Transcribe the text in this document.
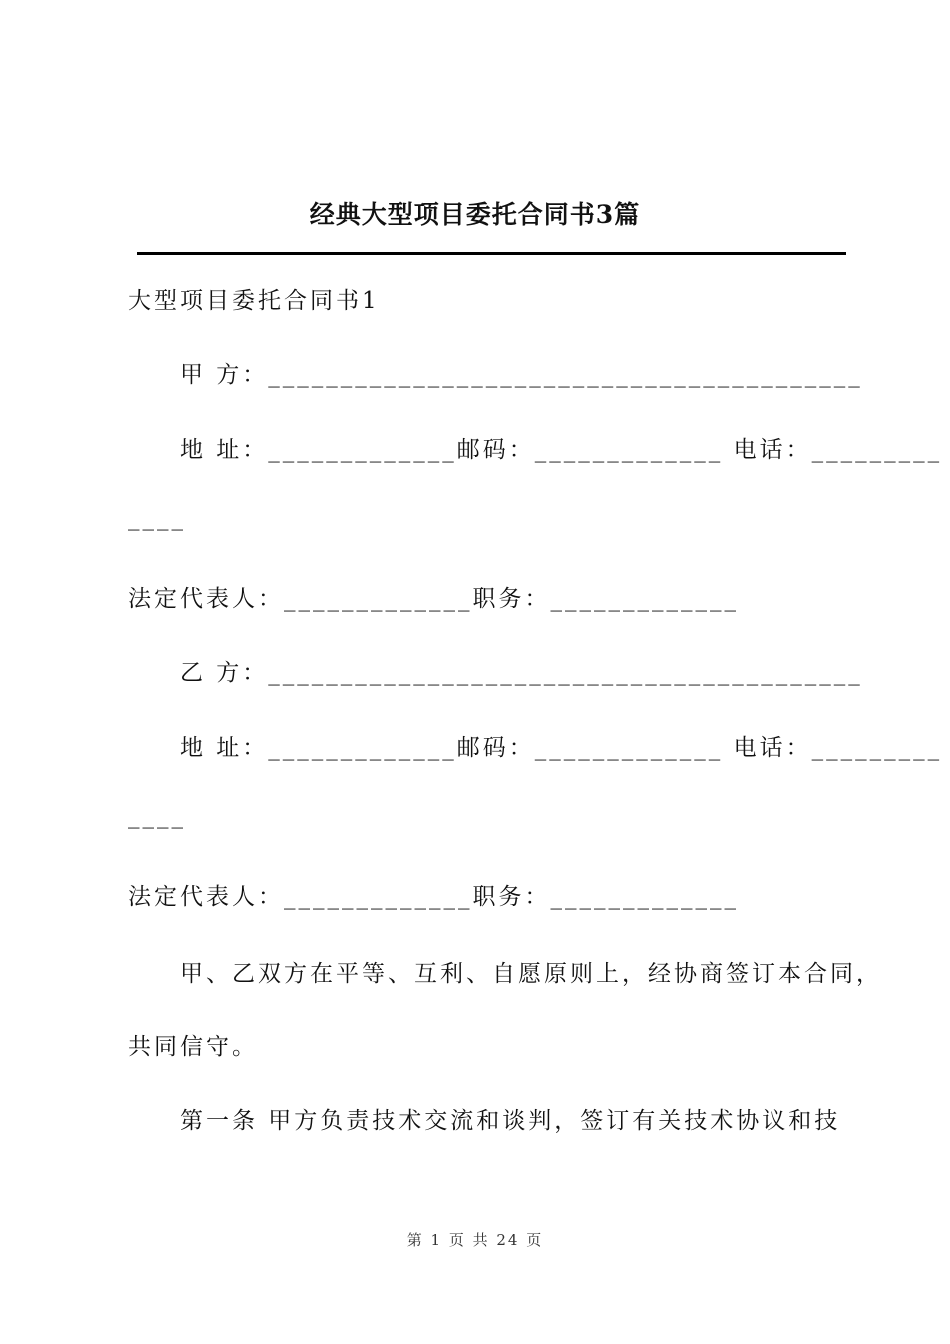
经典大型项目委托合同书3篇
大型项目委托合同书1
甲 方：_________________________________________
地 址：_____________邮码：_____________ 电话：_________
____
法定代表人：_____________职务：_____________
乙 方：_________________________________________
地 址：_____________邮码：_____________ 电话：_________
____
法定代表人：_____________职务：_____________
甲、乙双方在平等、互利、自愿原则上，经协商签订本合同，
共同信守。
第一条 甲方负责技术交流和谈判，签订有关技术协议和技
第 1 页 共 24 页
